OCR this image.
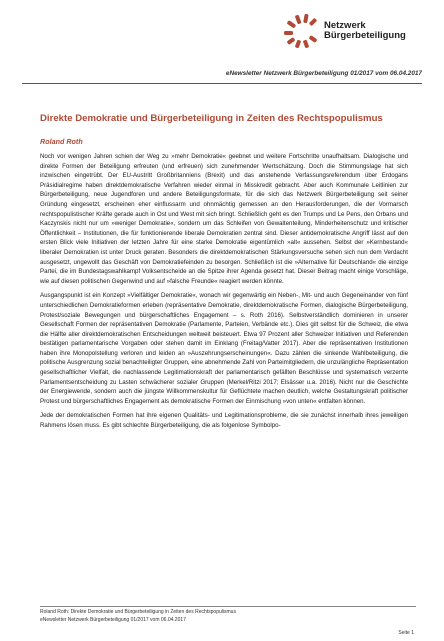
Netzwerk
Bürgerbeteiligung
eNewsletter Netzwerk Bürgerbeteiligung 01/2017 vom 06.04.2017
Direkte Demokratie und Bürgerbeteiligung in Zeiten des Rechtspopulismus
Roland Roth

Noch vor wenigen Jahren schien der Weg zu »mehr Demokratie« geebnet und weitere Fortschritte unaufhaltsam. Dialogische und direkte Formen der Beteiligung erfreuten (und erfreuen) sich zunehmender Wertschätzung. Doch die Stimmungslage hat sich inzwischen eingetrübt. Der EU-Austritt Großbritanniens (Brexit) und das anstehende Verfassungsreferendum über Erdogans Präsidialregime haben direktdemokratische Verfahren wieder einmal in Misskredit gebracht. Aber auch Kommunale Leitlinien zur Bürgerbeteiligung, neue Jugendforen und andere Beteiligungsformate, für die sich das Netzwerk Bürgerbeteiligung seit seiner Gründung eingesetzt, erscheinen eher einflussarm und ohnmächtig gemessen an den Herausforderungen, die der Vormarsch rechtspopulistischer Kräfte gerade auch in Ost und West mit sich bringt. Schließlich geht es den Trumps und Le Pens, den Orbans und Kaczynskis nicht nur um »weniger Demokratie«, sondern um das Schleifen von Gewaltenteilung, Minderheitenschutz und kritischer Öffentlichkeit – Institutionen, die für funktionierende liberale Demokratien zentral sind. Dieser antidemokratische Angriff lässt auf den ersten Blick viele Initiativen der letzten Jahre für eine starke Demokratie eigentümlich »alt« aussehen. Selbst der »Kernbestand« liberaler Demokratien ist unter Druck geraten. Besonders die direktdemokratischen Stärkungsversuche sehen sich nun dem Verdacht ausgesetzt, ungewollt das Geschäft von Demokratiefeinden zu besorgen. Schließlich ist die »Alternative für Deutschland« die einzige Partei, die im Bundestagswahlkampf Volksentscheide an die Spitze ihrer Agenda gesetzt hat. Dieser Beitrag macht einige Vorschläge, wie auf diesen politischen Gegenwind und auf »falsche Freunde« reagiert werden könnte.

Ausgangspunkt ist ein Konzept »Vielfältiger Demokratie«, wonach wir gegenwärtig ein Neben-, Mit- und auch Gegeneinander von fünf unterschiedlichen Demokratieformen erleben (repräsentative Demokratie, direktdemokratische Formen, dialogische Bürgerbeteiligung, Protest/soziale Bewegungen und bürgerschaftliches Engagement – s. Roth 2016). Selbstverständlich dominieren in unserer Gesellschaft Formen der repräsentativen Demokratie (Parlamente, Parteien, Verbände etc.). Dies gilt selbst für die Schweiz, die etwa die Hälfte aller direktdemokratischen Entscheidungen weltweit beisteuert. Etwa 97 Prozent aller Schweizer Initiativen und Referenden bestätigen parlamentarische Vorgaben oder stehen damit im Einklang (Freitag/Vatter 2017). Aber die repräsentativen Institutionen haben ihre Monopolstellung verloren und leiden an »Auszehrungserscheinungen«. Dazu zählen die sinkende Wahlbeteiligung, die politische Ausgrenzung sozial benachteiligter Gruppen, eine abnehmende Zahl von Parteimitgliedern, die unzulängliche Repräsentation gesellschaftlicher Vielfalt, die nachlassende Legitimationskraft der parlamentarisch gefällten Beschlüsse und systematisch verzerrte Parlamentsentscheidung zu Lasten schwächerer sozialer Gruppen (Merkel/Ritzi 2017; Elsässer u.a. 2016). Nicht nur die Geschichte der Energiewende, sondern auch die jüngste Willkommenskultur für Geflüchtete machen deutlich, welche Gestaltungskraft politischer Protest und bürgerschaftliches Engagement als demokratische Formen der Einmischung »von unten« entfalten können.

Jede der demokratischen Formen hat ihre eigenen Qualitäts- und Legitimationsprobleme, die sie zunächst innerhalb ihres jeweiligen Rahmens lösen muss. Es gibt schlechte Bürgerbeteiligung, die als folgenlose Symbolpo-

Roland Roth: Direkte Demokratie und Bürgerbeteiligung in Zeiten des Rechtspopulismus
eNewsletter Netzwerk Bürgerbeteiligung 01/2017 vom 06.04.2017
Seite 1
